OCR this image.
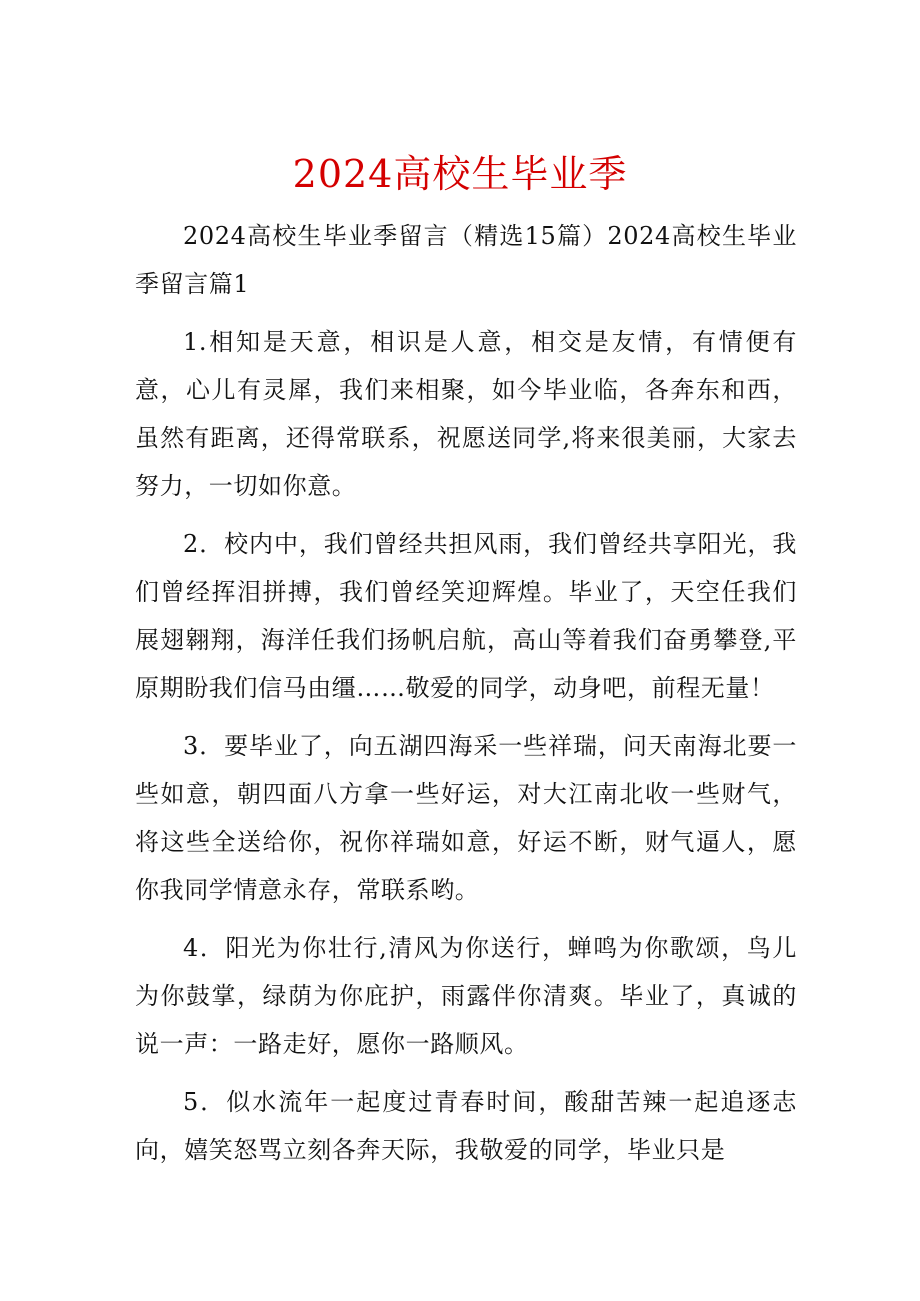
2024高校生毕业季

2024高校生毕业季留言（精选15篇）2024高校生毕业季留言篇1

1.相知是天意，相识是人意，相交是友情，有情便有意，心儿有灵犀，我们来相聚，如今毕业临，各奔东和西，虽然有距离，还得常联系，祝愿送同学,将来很美丽，大家去努力，一切如你意。

2．校内中，我们曾经共担风雨，我们曾经共享阳光，我们曾经挥泪拼搏，我们曾经笑迎辉煌。毕业了，天空任我们展翅翱翔，海洋任我们扬帆启航，高山等着我们奋勇攀登,平原期盼我们信马由缰……敬爱的同学，动身吧，前程无量！

3．要毕业了，向五湖四海采一些祥瑞，问天南海北要一些如意，朝四面八方拿一些好运，对大江南北收一些财气，将这些全送给你，祝你祥瑞如意，好运不断，财气逼人，愿你我同学情意永存，常联系哟。

4．阳光为你壮行,清风为你送行，蝉鸣为你歌颂，鸟儿为你鼓掌，绿荫为你庇护，雨露伴你清爽。毕业了，真诚的说一声：一路走好，愿你一路顺风。

5．似水流年一起度过青春时间，酸甜苦辣一起追逐志向，嬉笑怒骂立刻各奔天际，我敬爱的同学，毕业只是
